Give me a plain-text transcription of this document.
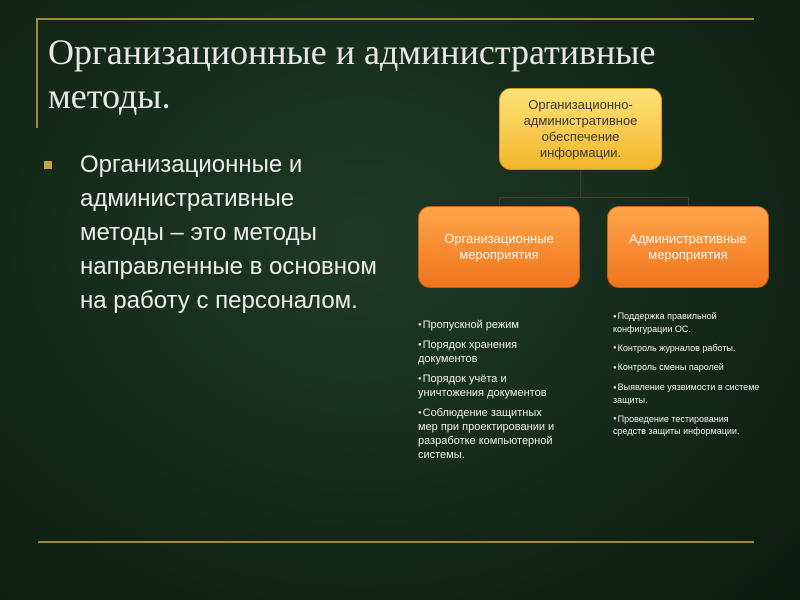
Организационные и административные методы.
Организационные и административные методы – это методы направленные в основном на работу с персоналом.
Организационно-административное обеспечение информации.
Организационные мероприятия
Административные мероприятия
● Пропускной режим
● Порядок хранения документов
● Порядок учёта и уничтожения документов
● Соблюдение защитных мер при проектировании и разработке компьютерной системы.
● Поддержка правильной конфигурации ОС.
● Контроль журналов работы.
● Контроль смены паролей
● Выявление уязвимости в системе защиты.
● Проведение тестирования средств защиты информации.
